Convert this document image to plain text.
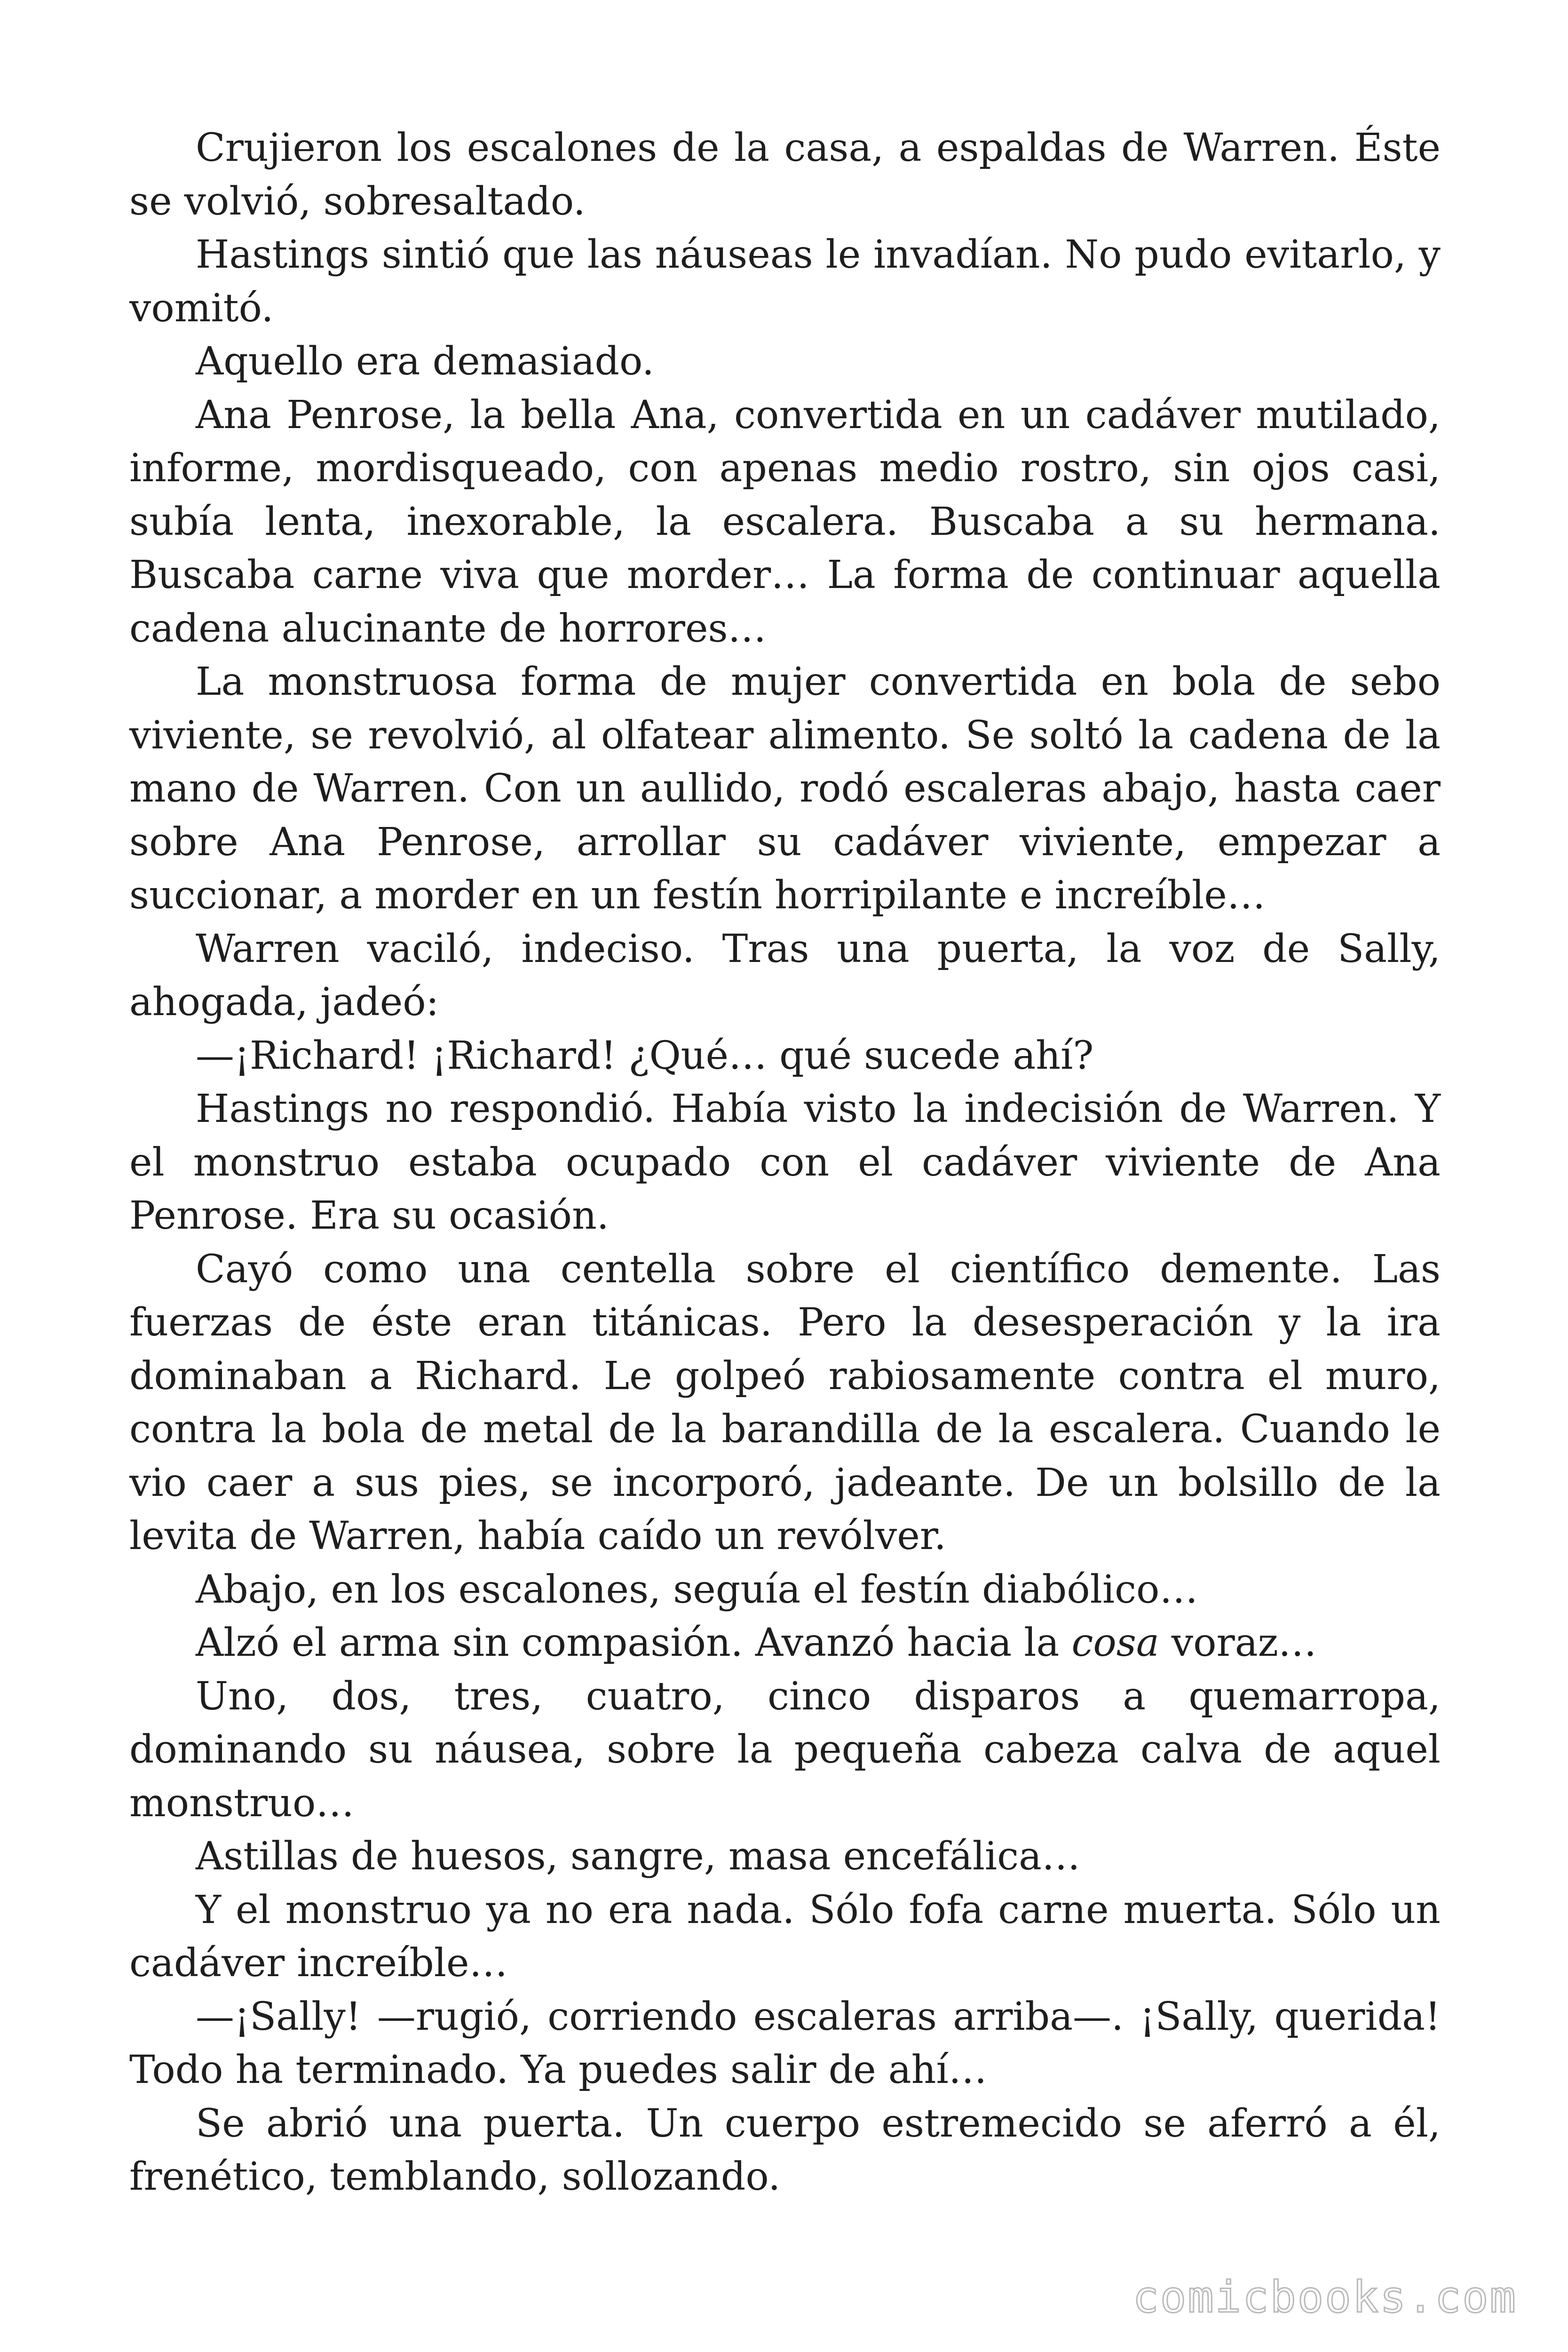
Crujieron los escalones de la casa, a espaldas de Warren. Éste se volvió, sobresaltado.

Hastings sintió que las náuseas le invadían. No pudo evitarlo, y vomitó.

Aquello era demasiado.

Ana Penrose, la bella Ana, convertida en un cadáver mutilado, informe, mordisqueado, con apenas medio rostro, sin ojos casi, subía lenta, inexorable, la escalera. Buscaba a su hermana. Buscaba carne viva que morder… La forma de continuar aquella cadena alucinante de horrores…

La monstruosa forma de mujer convertida en bola de sebo viviente, se revolvió, al olfatear alimento. Se soltó la cadena de la mano de Warren. Con un aullido, rodó escaleras abajo, hasta caer sobre Ana Penrose, arrollar su cadáver viviente, empezar a succionar, a morder en un festín horripilante e increíble…

Warren vaciló, indeciso. Tras una puerta, la voz de Sally, ahogada, jadeó:

—¡Richard! ¡Richard! ¿Qué… qué sucede ahí?

Hastings no respondió. Había visto la indecisión de Warren. Y el monstruo estaba ocupado con el cadáver viviente de Ana Penrose. Era su ocasión.

Cayó como una centella sobre el científico demente. Las fuerzas de éste eran titánicas. Pero la desesperación y la ira dominaban a Richard. Le golpeó rabiosamente contra el muro, contra la bola de metal de la barandilla de la escalera. Cuando le vio caer a sus pies, se incorporó, jadeante. De un bolsillo de la levita de Warren, había caído un revólver.

Abajo, en los escalones, seguía el festín diabólico…

Alzó el arma sin compasión. Avanzó hacia la cosa voraz…

Uno, dos, tres, cuatro, cinco disparos a quemarropa, dominando su náusea, sobre la pequeña cabeza calva de aquel monstruo…

Astillas de huesos, sangre, masa encefálica…

Y el monstruo ya no era nada. Sólo fofa carne muerta. Sólo un cadáver increíble…

—¡Sally! —rugió, corriendo escaleras arriba—. ¡Sally, querida! Todo ha terminado. Ya puedes salir de ahí…

Se abrió una puerta. Un cuerpo estremecido se aferró a él, frenético, temblando, sollozando.

comicbooks.com
